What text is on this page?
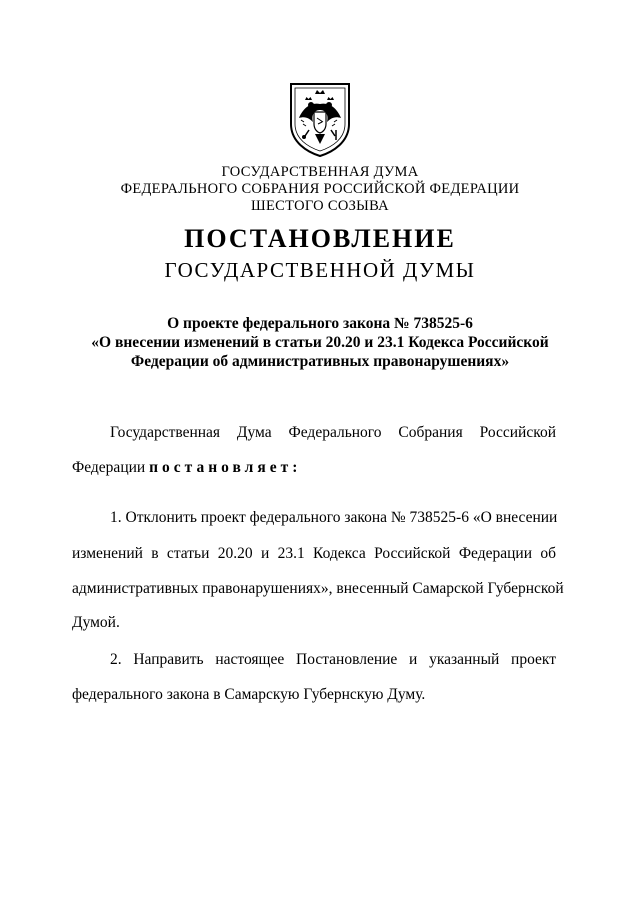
ГОСУДАРСТВЕННАЯ ДУМА
ФЕДЕРАЛЬНОГО СОБРАНИЯ РОССИЙСКОЙ ФЕДЕРАЦИИ
ШЕСТОГО СОЗЫВА
ПОСТАНОВЛЕНИЕ
ГОСУДАРСТВЕННОЙ ДУМЫ
О проекте федерального закона № 738525-6
«О внесении изменений в статьи 20.20 и 23.1 Кодекса Российской
Федерации об административных правонарушениях»
Государственная Дума Федерального Собрания Российской
Федерации постановляет:
1. Отклонить проект федерального закона № 738525-6 «О внесении
изменений в статьи 20.20 и 23.1 Кодекса Российской Федерации об
административных правонарушениях», внесенный Самарской Губернской
Думой.
2. Направить настоящее Постановление и указанный проект
федерального закона в Самарскую Губернскую Думу.
